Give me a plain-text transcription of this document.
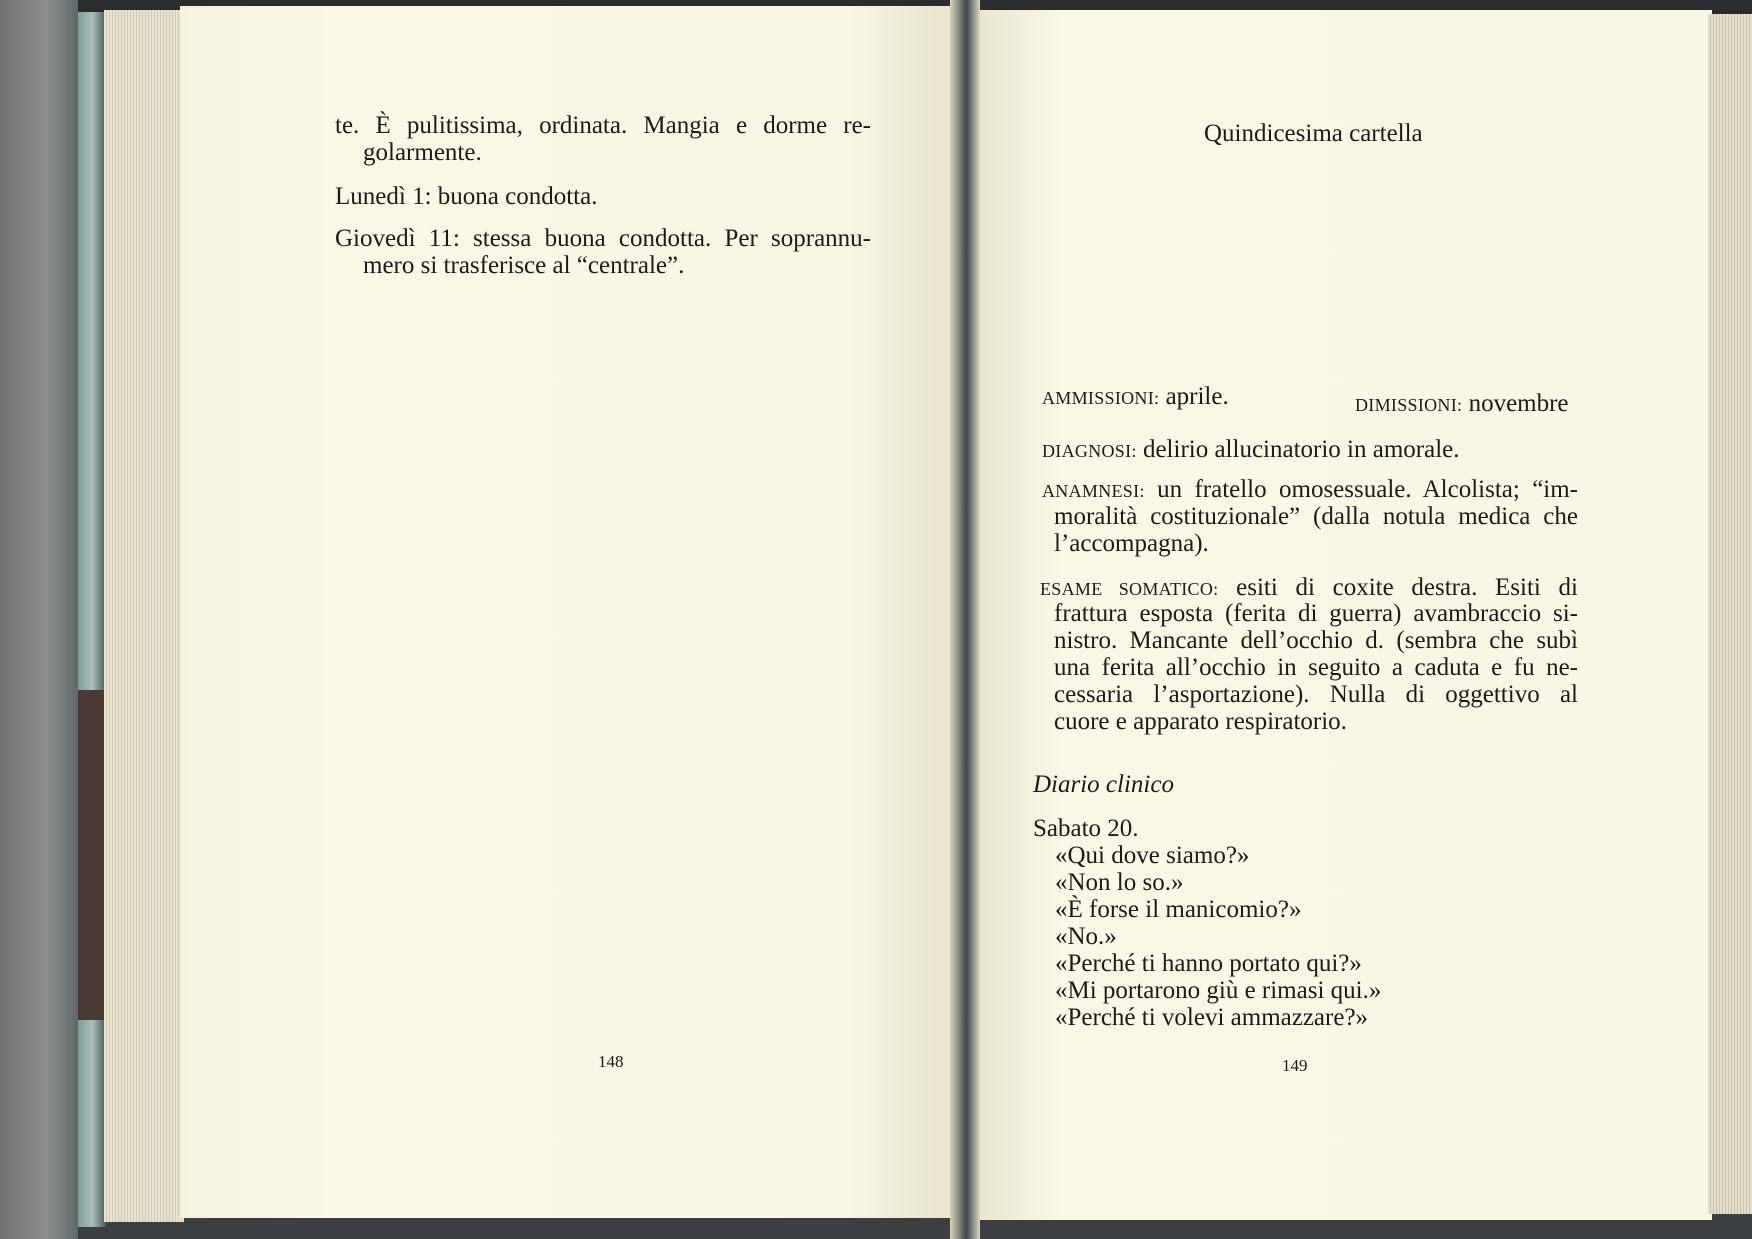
te. È pulitissima, ordinata. Mangia e dorme re-
golarmente.
Lunedì 1: buona condotta.
Giovedì 11: stessa buona condotta. Per soprannu-
mero si trasferisce al “centrale”.
148
Quindicesima cartella
AMMISSIONI: aprile.	DIMISSIONI: novembre
DIAGNOSI: delirio allucinatorio in amorale.
ANAMNESI: un fratello omosessuale. Alcolista; “im-
moralità costituzionale” (dalla notula medica che
l’accompagna).
ESAME SOMATICO: esiti di coxite destra. Esiti di
frattura esposta (ferita di guerra) avambraccio si-
nistro. Mancante dell’occhio d. (sembra che subì
una ferita all’occhio in seguito a caduta e fu ne-
cessaria l’asportazione). Nulla di oggettivo al
cuore e apparato respiratorio.
Diario clinico
Sabato 20.
«Qui dove siamo?»
«Non lo so.»
«È forse il manicomio?»
«No.»
«Perché ti hanno portato qui?»
«Mi portarono giù e rimasi qui.»
«Perché ti volevi ammazzare?»
149
